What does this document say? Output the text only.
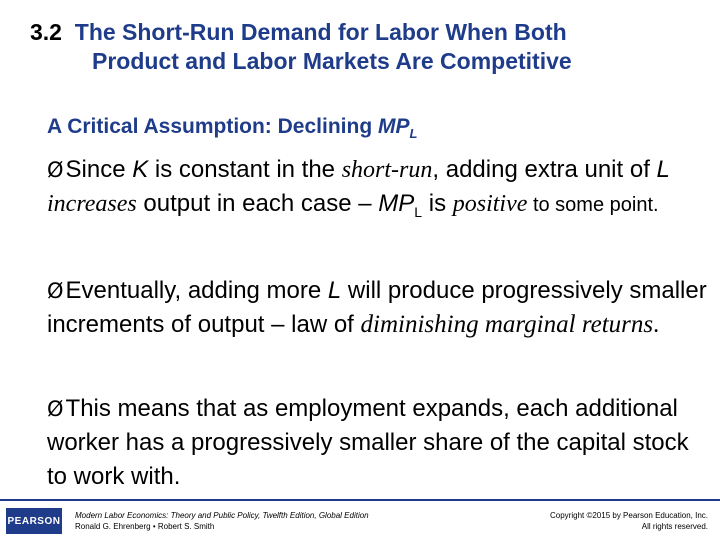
3.2 The Short-Run Demand for Labor When Both
Product and Labor Markets Are Competitive
A Critical Assumption: Declining $MP_L$
ØSince K is constant in the short-run, adding extra unit of L increases output in each case – $MP_L$ is positive to some point.
ØEventually, adding more L will produce progressively smaller increments of output – law of diminishing marginal returns.
ØThis means that as employment expands, each additional worker has a progressively smaller share of the capital stock to work with.
PEARSON Modern Labor Economics: Theory and Public Policy, Twelfth Edition, Global Edition
Ronald G. Ehrenberg • Robert S. Smith
Copyright ©2015 by Pearson Education, Inc.
All rights reserved.
